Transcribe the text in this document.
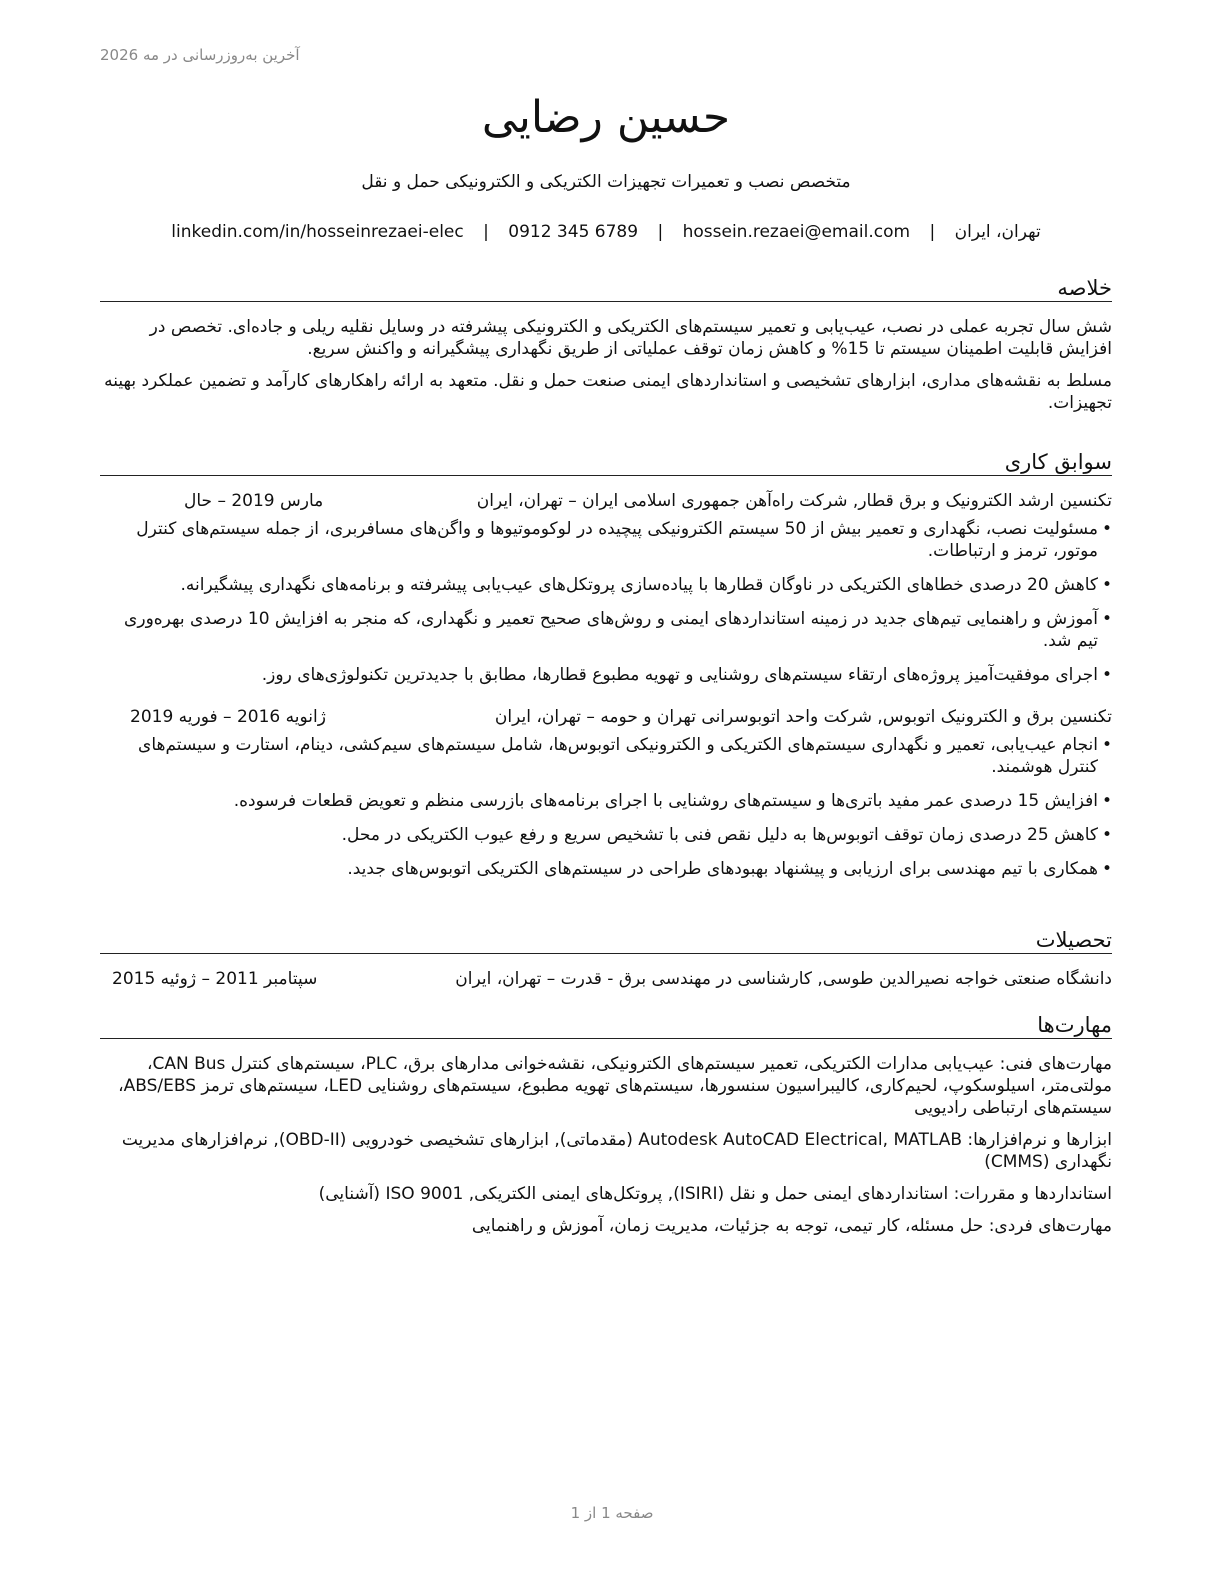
آخرین به‌روزرسانی در مه 2026
حسین رضایی
متخصص نصب و تعمیرات تجهیزات الکتریکی و الکترونیکی حمل و نقل
تهران، ایران | hossein.rezaei@email.com | 0912 345 6789 | linkedin.com/in/hosseinrezaei-elec
خلاصه

شش سال تجربه عملی در نصب، عیب‌یابی و تعمیر سیستم‌های الکتریکی و الکترونیکی پیشرفته در وسایل نقلیه ریلی و جاده‌ای. تخصص در افزایش قابلیت اطمینان سیستم تا 15% و کاهش زمان توقف عملیاتی از طریق نگهداری پیشگیرانه و واکنش سریع.

مسلط به نقشه‌های مداری، ابزارهای تشخیصی و استانداردهای ایمنی صنعت حمل و نقل. متعهد به ارائه راهکارهای کارآمد و تضمین عملکرد بهینه تجهیزات.

سوابق کاری
تکنسین ارشد الکترونیک و برق قطار, شرکت راه‌آهن جمهوری اسلامی ایران – تهران، ایران
مارس 2019 – حال
• مسئولیت نصب، نگهداری و تعمیر بیش از 50 سیستم الکترونیکی پیچیده در لوکوموتیوها و واگن‌های مسافربری، از جمله سیستم‌های کنترل موتور، ترمز و ارتباطات.
• کاهش 20 درصدی خطاهای الکتریکی در ناوگان قطارها با پیاده‌سازی پروتکل‌های عیب‌یابی پیشرفته و برنامه‌های نگهداری پیشگیرانه.
• آموزش و راهنمایی تیم‌های جدید در زمینه استانداردهای ایمنی و روش‌های صحیح تعمیر و نگهداری، که منجر به افزایش 10 درصدی بهره‌وری تیم شد.
• اجرای موفقیت‌آمیز پروژه‌های ارتقاء سیستم‌های روشنایی و تهویه مطبوع قطارها، مطابق با جدیدترین تکنولوژی‌های روز.
تکنسین برق و الکترونیک اتوبوس, شرکت واحد اتوبوسرانی تهران و حومه – تهران، ایران
ژانویه 2016 – فوریه 2019
• انجام عیب‌یابی، تعمیر و نگهداری سیستم‌های الکتریکی و الکترونیکی اتوبوس‌ها، شامل سیستم‌های سیم‌کشی، دینام، استارت و سیستم‌های کنترل هوشمند.
• افزایش 15 درصدی عمر مفید باتری‌ها و سیستم‌های روشنایی با اجرای برنامه‌های بازرسی منظم و تعویض قطعات فرسوده.
• کاهش 25 درصدی زمان توقف اتوبوس‌ها به دلیل نقص فنی با تشخیص سریع و رفع عیوب الکتریکی در محل.
• همکاری با تیم مهندسی برای ارزیابی و پیشنهاد بهبودهای طراحی در سیستم‌های الکتریکی اتوبوس‌های جدید.
تحصیلات
دانشگاه صنعتی خواجه نصیرالدین طوسی, کارشناسی در مهندسی برق - قدرت – تهران، ایران
سپتامبر 2011 – ژوئیه 2015
مهارت‌ها

مهارت‌های فنی: عیب‌یابی مدارات الکتریکی، تعمیر سیستم‌های الکترونیکی، نقشه‌خوانی مدارهای برق، PLC، سیستم‌های کنترل CAN Bus، مولتی‌متر، اسیلوسکوپ، لحیم‌کاری، کالیبراسیون سنسورها، سیستم‌های تهویه مطبوع، سیستم‌های روشنایی LED، سیستم‌های ترمز ABS/EBS، سیستم‌های ارتباطی رادیویی

ابزارها و نرم‌افزارها: Autodesk AutoCAD Electrical, MATLAB (مقدماتی), ابزارهای تشخیصی خودرویی (OBD-II), نرم‌افزارهای مدیریت نگهداری (CMMS)

استانداردها و مقررات: استانداردهای ایمنی حمل و نقل (ISIRI), پروتکل‌های ایمنی الکتریکی, ISO 9001 (آشنایی)

مهارت‌های فردی: حل مسئله، کار تیمی، توجه به جزئیات، مدیریت زمان، آموزش و راهنمایی

صفحه 1 از 1
